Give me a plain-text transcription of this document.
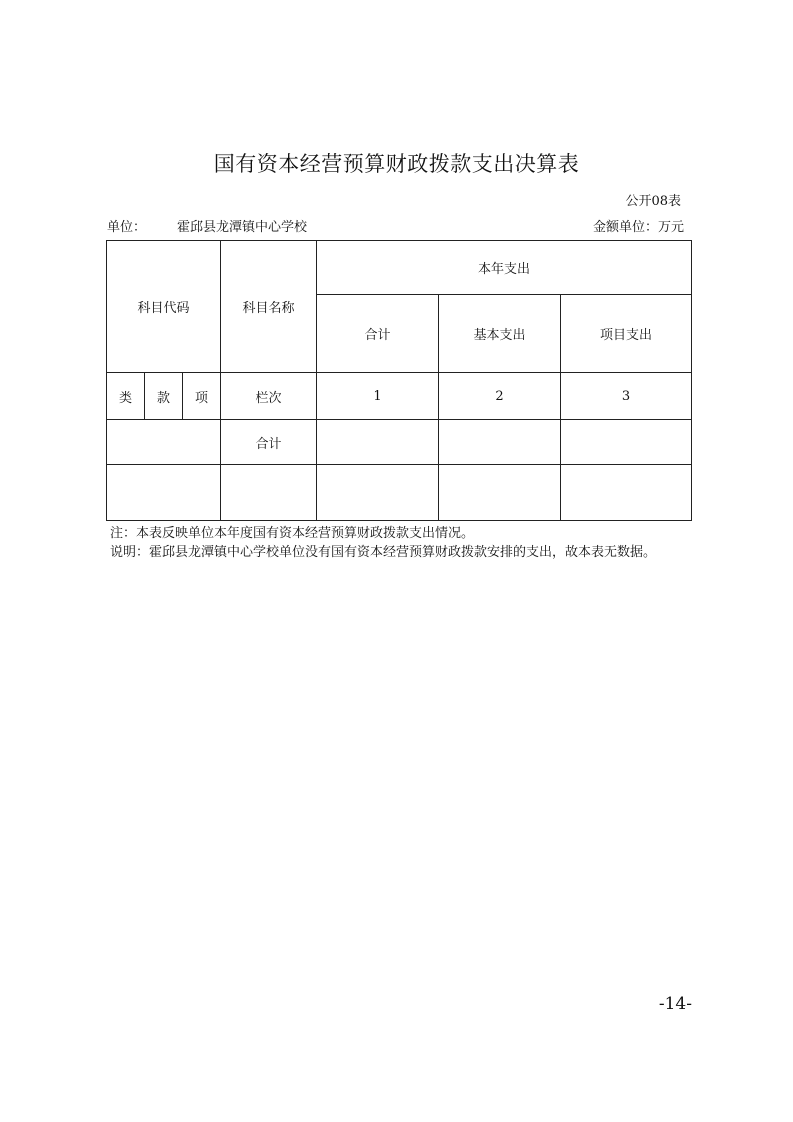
国有资本经营预算财政拨款支出决算表
公开08表
单位： 霍邱县龙潭镇中心学校	金额单位：万元
科目代码			科目名称	本年支出		
				合计	基本支出	项目支出
类	款	项	栏次	1	2	3
			合计			

注：本表反映单位本年度国有资本经营预算财政拨款支出情况。
说明：霍邱县龙潭镇中心学校单位没有国有资本经营预算财政拨款安排的支出，故本表无数据。
-14-
